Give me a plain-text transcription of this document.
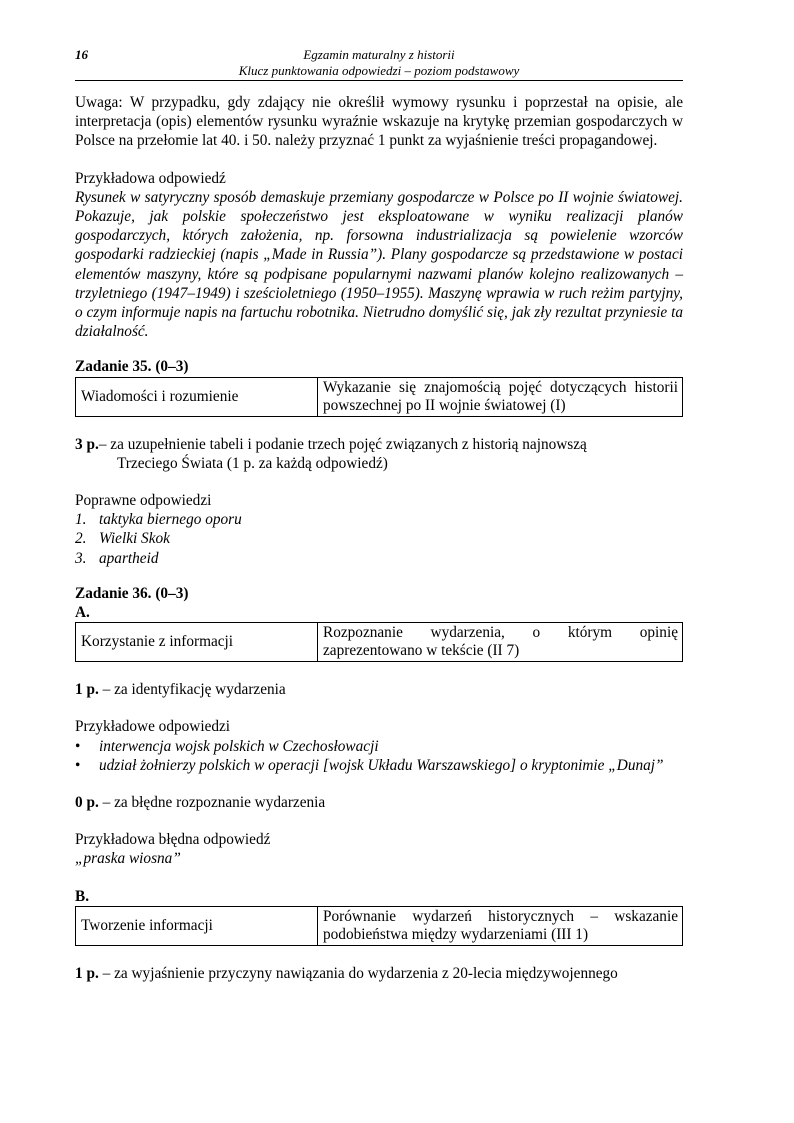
16	Egzamin maturalny z historii
Klucz punktowania odpowiedzi – poziom podstawowy

Uwaga: W przypadku, gdy zdający nie określił wymowy rysunku i poprzestał na opisie, ale interpretacja (opis) elementów rysunku wyraźnie wskazuje na krytykę przemian gospodarczych w Polsce na przełomie lat 40. i 50. należy przyznać 1 punkt za wyjaśnienie treści propagandowej.

Przykładowa odpowiedź

Rysunek w satyryczny sposób demaskuje przemiany gospodarcze w Polsce po II wojnie światowej. Pokazuje, jak polskie społeczeństwo jest eksploatowane w wyniku realizacji planów gospodarczych, których założenia, np. forsowna industrializacja są powielenie wzorców gospodarki radzieckiej (napis „Made in Russia”). Plany gospodarcze są przedstawione w postaci elementów maszyny, które są podpisane popularnymi nazwami planów kolejno realizowanych – trzyletniego (1947–1949) i sześcioletniego (1950–1955). Maszynę wprawia w ruch reżim partyjny, o czym informuje napis na fartuchu robotnika. Nietrudno domyślić się, jak zły rezultat przyniesie ta działalność.

Zadanie 35. (0–3)

Wiadomości i rozumienie	Wykazanie się znajomością pojęć dotyczących historii powszechnej po II wojnie światowej (I)
3 p. – za uzupełnienie tabeli i podanie trzech pojęć związanych z historią najnowszą

Trzeciego Świata (1 p. za każdą odpowiedź)

Poprawne odpowiedzi

1. taktyka biernego oporu
2. Wielki Skok
3. apartheid

Zadanie 36. (0–3)

A.

Korzystanie z informacji	Rozpoznanie wydarzenia, o którym opinię zaprezentowano w tekście (II 7)

1 p. – za identyfikację wydarzenia

Przykładowe odpowiedzi

•	interwencja wojsk polskich w Czechosłowacji
•	udział żołnierzy polskich w operacji [wojsk Układu Warszawskiego] o kryptonimie „Dunaj”

0 p. – za błędne rozpoznanie wydarzenia

Przykładowa błędna odpowiedź

„praska wiosna”

B.

Tworzenie informacji	Porównanie wydarzeń historycznych – wskazanie podobieństwa między wydarzeniami (III 1)

1 p. – za wyjaśnienie przyczyny nawiązania do wydarzenia z 20-lecia międzywojennego
